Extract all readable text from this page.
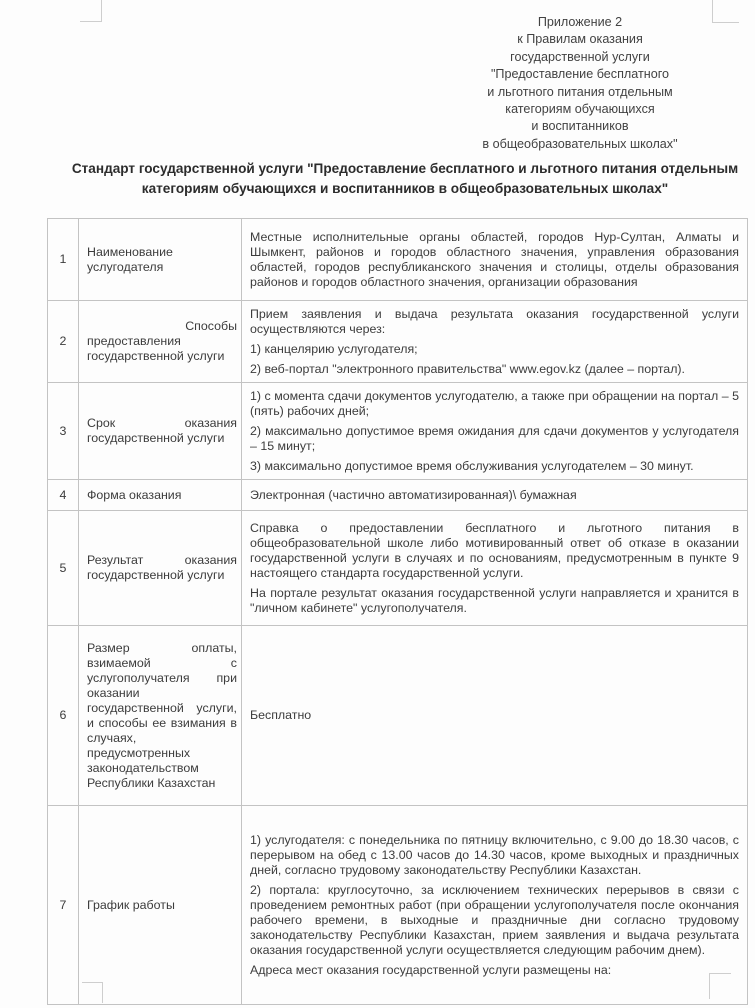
Приложение 2
к Правилам оказания
государственной услуги
"Предоставление бесплатного
и льготного питания отдельным
категориям обучающихся
и воспитанников
в общеобразовательных школах"
Стандарт государственной услуги "Предоставление бесплатного и льготного питания отдельным категориям обучающихся и воспитанников в общеобразовательных школах"
1	Наименование услугодателя	Местные исполнительные органы областей, городов Нур-Султан, Алматы и Шымкент, районов и городов областного значения, управления образования областей, городов республиканского значения и столицы, отделы образования районов и городов областного значения, организации образования

2	Способы предоставления государственной услуги	Прием заявления и выдача результата оказания государственной услуги осуществляются через:

1) канцелярию услугодателя;

2) веб-портал "электронного правительства" www.egov.kz (далее – портал).

3	Срок оказания государственной услуги	1) с момента сдачи документов услугодателю, а также при обращении на портал – 5 (пять) рабочих дней;

2) максимально допустимое время ожидания для сдачи документов у услугодателя – 15 минут;

3) максимально допустимое время обслуживания услугодателем – 30 минут.

4	Форма оказания	Электронная (частично автоматизированная)\ бумажная

5	Результат оказания государственной услуги	Справка о предоставлении бесплатного и льготного питания в общеобразовательной школе либо мотивированный ответ об отказе в оказании государственной услуги в случаях и по основаниям, предусмотренным в пункте 9 настоящего стандарта государственной услуги.

На портале результат оказания государственной услуги направляется и хранится в "личном кабинете" услугополучателя.

6	Размер оплаты, взимаемой с услугополучателя при оказании государственной услуги, и способы ее взимания в случаях, предусмотренных законодательством Республики Казахстан	Бесплатно

7	График работы	1) услугодателя: с понедельника по пятницу включительно, с 9.00 до 18.30 часов, с перерывом на обед с 13.00 часов до 14.30 часов, кроме выходных и праздничных дней, согласно трудовому законодательству Республики Казахстан.

2) портала: круглосуточно, за исключением технических перерывов в связи с проведением ремонтных работ (при обращении услугополучателя после окончания рабочего времени, в выходные и праздничные дни согласно трудовому законодательству Республики Казахстан, прием заявления и выдача результата оказания государственной услуги осуществляется следующим рабочим днем).

Адреса мест оказания государственной услуги размещены на:
